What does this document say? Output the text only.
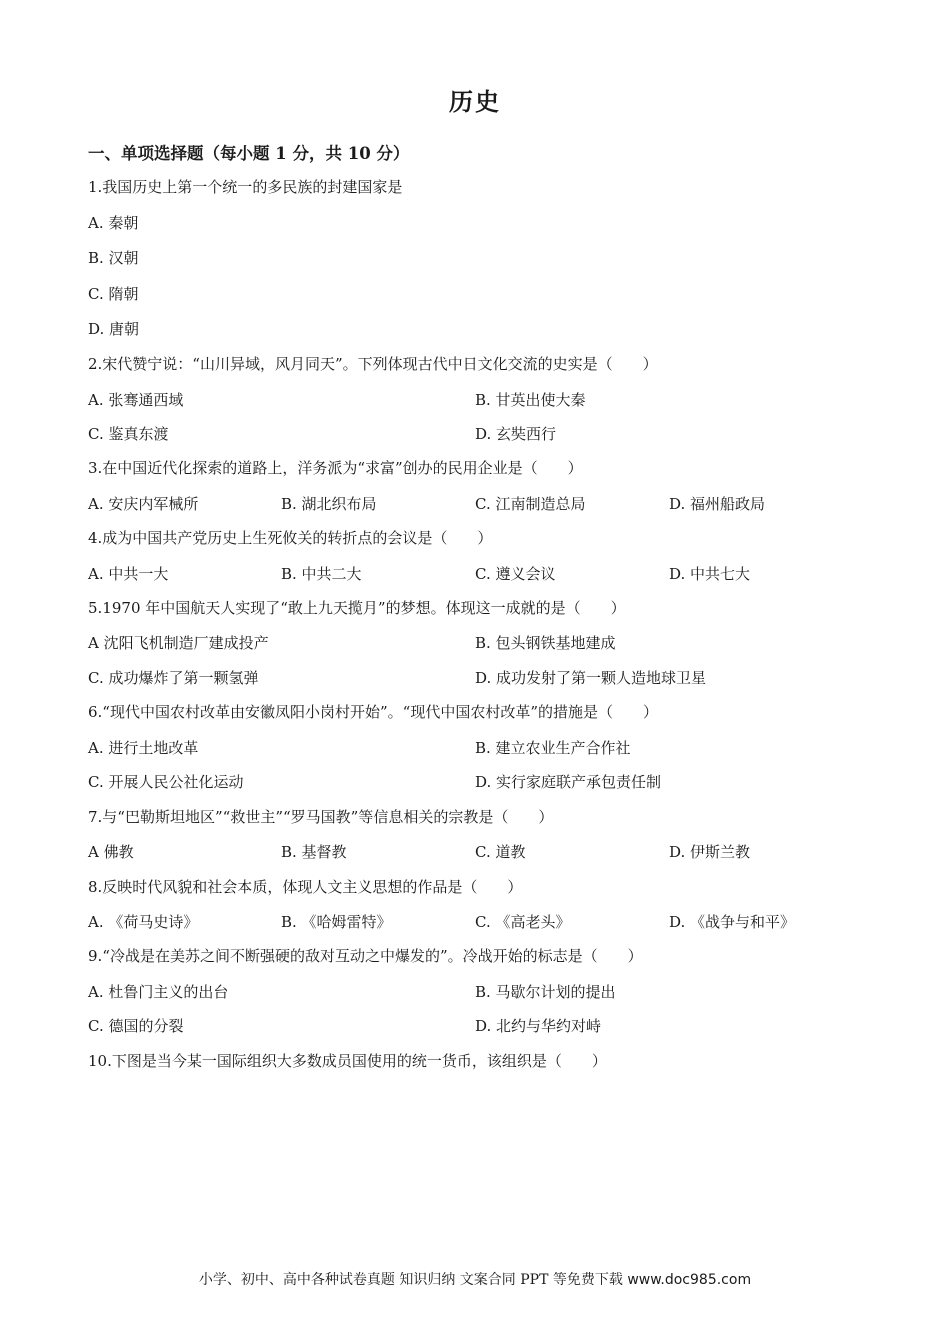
历史
一、单项选择题（每小题 1 分，共 10 分）
1.我国历史上第一个统一的多民族的封建国家是
A. 秦朝
B. 汉朝
C. 隋朝
D. 唐朝
2.宋代赞宁说：“山川异域，风月同天”。下列体现古代中日文化交流的史实是（　　）
A. 张骞通西域	B. 甘英出使大秦
C. 鉴真东渡	D. 玄奘西行
3.在中国近代化探索的道路上，洋务派为“求富”创办的民用企业是（　　）
A. 安庆内军械所	B. 湖北织布局	C. 江南制造总局	D. 福州船政局
4.成为中国共产党历史上生死攸关的转折点的会议是（　　）
A. 中共一大	B. 中共二大	C. 遵义会议	D. 中共七大
5.1970 年中国航天人实现了“敢上九天揽月”的梦想。体现这一成就的是（　　）
A 沈阳飞机制造厂建成投产	B. 包头钢铁基地建成
C. 成功爆炸了第一颗氢弹	D. 成功发射了第一颗人造地球卫星
6.“现代中国农村改革由安徽凤阳小岗村开始”。“现代中国农村改革”的措施是（　　）
A. 进行土地改革	B. 建立农业生产合作社
C. 开展人民公社化运动	D. 实行家庭联产承包责任制
7.与“巴勒斯坦地区”“救世主”“罗马国教”等信息相关的宗教是（　　）
A 佛教	B. 基督教	C. 道教	D. 伊斯兰教
8.反映时代风貌和社会本质，体现人文主义思想的作品是（　　）
A. 《荷马史诗》	B. 《哈姆雷特》	C. 《高老头》	D. 《战争与和平》
9.“冷战是在美苏之间不断强硬的敌对互动之中爆发的”。冷战开始的标志是（　　）
A. 杜鲁门主义的出台	B. 马歇尔计划的提出
C. 德国的分裂	D. 北约与华约对峙
10.下图是当今某一国际组织大多数成员国使用的统一货币，该组织是（　　）
小学、初中、高中各种试卷真题 知识归纳 文案合同 PPT 等免费下载 www.doc985.com
